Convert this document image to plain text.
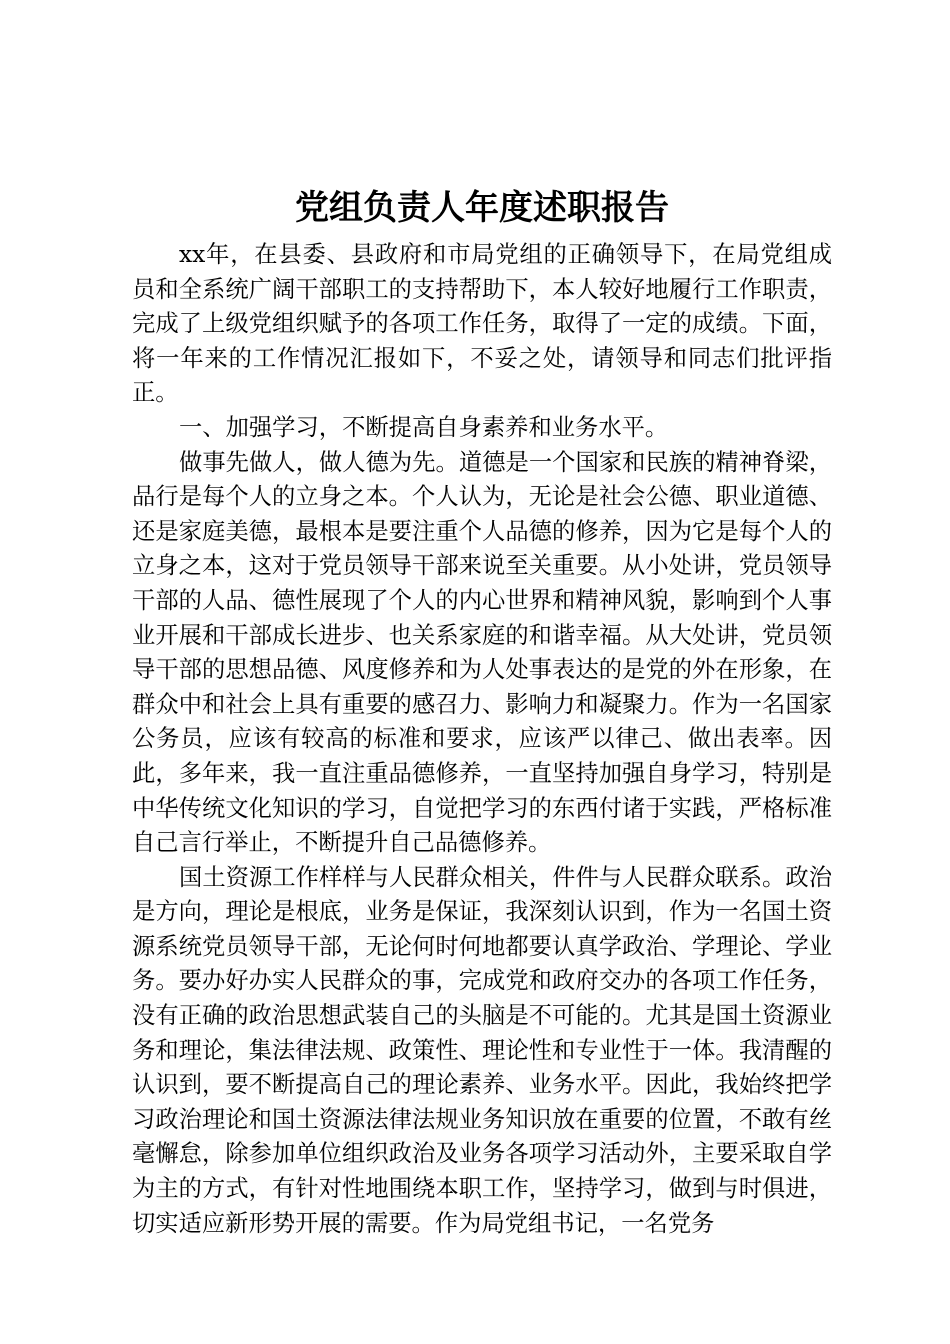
党组负责人年度述职报告

xx年，在县委、县政府和市局党组的正确领导下，在局党组成员和全系统广阔干部职工的支持帮助下，本人较好地履行工作职责，完成了上级党组织赋予的各项工作任务，取得了一定的成绩。下面，将一年来的工作情况汇报如下，不妥之处，请领导和同志们批评指正。

一、加强学习，不断提高自身素养和业务水平。

做事先做人，做人德为先。道德是一个国家和民族的精神脊梁，品行是每个人的立身之本。个人认为，无论是社会公德、职业道德、还是家庭美德，最根本是要注重个人品德的修养，因为它是每个人的立身之本，这对于党员领导干部来说至关重要。从小处讲，党员领导干部的人品、德性展现了个人的内心世界和精神风貌，影响到个人事业开展和干部成长进步、也关系家庭的和谐幸福。从大处讲，党员领导干部的思想品德、风度修养和为人处事表达的是党的外在形象，在群众中和社会上具有重要的感召力、影响力和凝聚力。作为一名国家公务员，应该有较高的标准和要求，应该严以律己、做出表率。因此，多年来，我一直注重品德修养，一直坚持加强自身学习，特别是中华传统文化知识的学习，自觉把学习的东西付诸于实践，严格标准自己言行举止，不断提升自己品德修养。

国土资源工作样样与人民群众相关，件件与人民群众联系。政治是方向，理论是根底，业务是保证，我深刻认识到，作为一名国土资源系统党员领导干部，无论何时何地都要认真学政治、学理论、学业务。要办好办实人民群众的事，完成党和政府交办的各项工作任务，没有正确的政治思想武装自己的头脑是不可能的。尤其是国土资源业务和理论，集法律法规、政策性、理论性和专业性于一体。我清醒的认识到，要不断提高自己的理论素养、业务水平。因此，我始终把学习政治理论和国土资源法律法规业务知识放在重要的位置，不敢有丝毫懈怠，除参加单位组织政治及业务各项学习活动外，主要采取自学为主的方式，有针对性地围绕本职工作，坚持学习，做到与时俱进，切实适应新形势开展的需要。作为局党组书记，一名党务
